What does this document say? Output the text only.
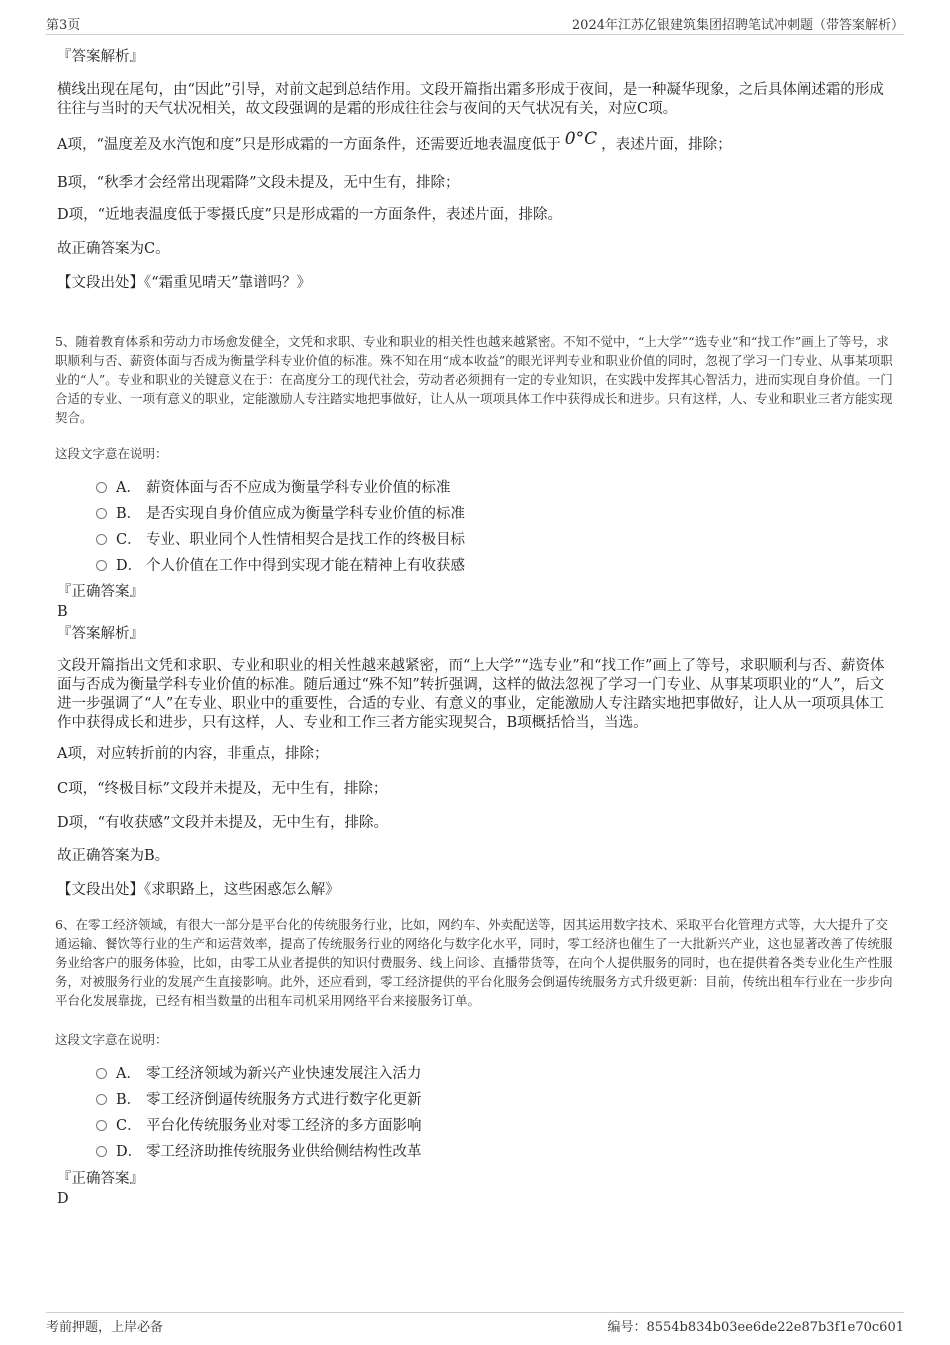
第3页	2024年江苏亿银建筑集团招聘笔试冲刺题（带答案解析）
『答案解析』
横线出现在尾句，由“因此”引导，对前文起到总结作用。文段开篇指出霜多形成于夜间，是一种凝华现象，之后具体阐述霜的形成往往与当时的天气状况相关，故文段强调的是霜的形成往往会与夜间的天气状况有关，对应C项。
A项，“温度差及水汽饱和度”只是形成霜的一方面条件，还需要近地表温度低于 0°C ，表述片面，排除；
B项，“秋季才会经常出现霜降”文段未提及，无中生有，排除；
D项，“近地表温度低于零摄氏度”只是形成霜的一方面条件，表述片面，排除。
故正确答案为C。
【文段出处】《“霜重见晴天”靠谱吗？》
5、随着教育体系和劳动力市场愈发健全，文凭和求职、专业和职业的相关性也越来越紧密。不知不觉中，“上大学”“选专业”和“找工作”画上了等号，求职顺利与否、薪资体面与否成为衡量学科专业价值的标准。殊不知在用“成本收益”的眼光评判专业和职业价值的同时，忽视了学习一门专业、从事某项职业的“人”。专业和职业的关键意义在于：在高度分工的现代社会，劳动者必须拥有一定的专业知识，在实践中发挥其心智活力，进而实现自身价值。一门合适的专业、一项有意义的职业，定能激励人专注踏实地把事做好，让人从一项项具体工作中获得成长和进步。只有这样，人、专业和职业三者方能实现契合。
这段文字意在说明：
A． 薪资体面与否不应成为衡量学科专业价值的标准
B． 是否实现自身价值应成为衡量学科专业价值的标准
C． 专业、职业同个人性情相契合是找工作的终极目标
D． 个人价值在工作中得到实现才能在精神上有收获感
『正确答案』
B
『答案解析』
文段开篇指出文凭和求职、专业和职业的相关性越来越紧密，而“上大学”“选专业”和“找工作”画上了等号，求职顺利与否、薪资体面与否成为衡量学科专业价值的标准。随后通过“殊不知”转折强调，这样的做法忽视了学习一门专业、从事某项职业的“人”，后文进一步强调了“人”在专业、职业中的重要性，合适的专业、有意义的事业，定能激励人专注踏实地把事做好，让人从一项项具体工作中获得成长和进步，只有这样，人、专业和工作三者方能实现契合，B项概括恰当，当选。
A项，对应转折前的内容，非重点，排除；
C项，“终极目标”文段并未提及，无中生有，排除；
D项，“有收获感”文段并未提及，无中生有，排除。
故正确答案为B。
【文段出处】《求职路上，这些困惑怎么解》
6、在零工经济领域，有很大一部分是平台化的传统服务行业，比如，网约车、外卖配送等，因其运用数字技术、采取平台化管理方式等，大大提升了交通运输、餐饮等行业的生产和运营效率，提高了传统服务行业的网络化与数字化水平，同时，零工经济也催生了一大批新兴产业，这也显著改善了传统服务业给客户的服务体验，比如，由零工从业者提供的知识付费服务、线上问诊、直播带货等，在向个人提供服务的同时，也在提供着各类专业化生产性服务，对被服务行业的发展产生直接影响。此外，还应看到，零工经济提供的平台化服务会倒逼传统服务方式升级更新：目前，传统出租车行业在一步步向平台化发展靠拢，已经有相当数量的出租车司机采用网络平台来接服务订单。
这段文字意在说明：
A． 零工经济领域为新兴产业快速发展注入活力
B． 零工经济倒逼传统服务方式进行数字化更新
C． 平台化传统服务业对零工经济的多方面影响
D． 零工经济助推传统服务业供给侧结构性改革
『正确答案』
D
考前押题，上岸必备	编号：8554b834b03ee6de22e87b3f1e70c601
